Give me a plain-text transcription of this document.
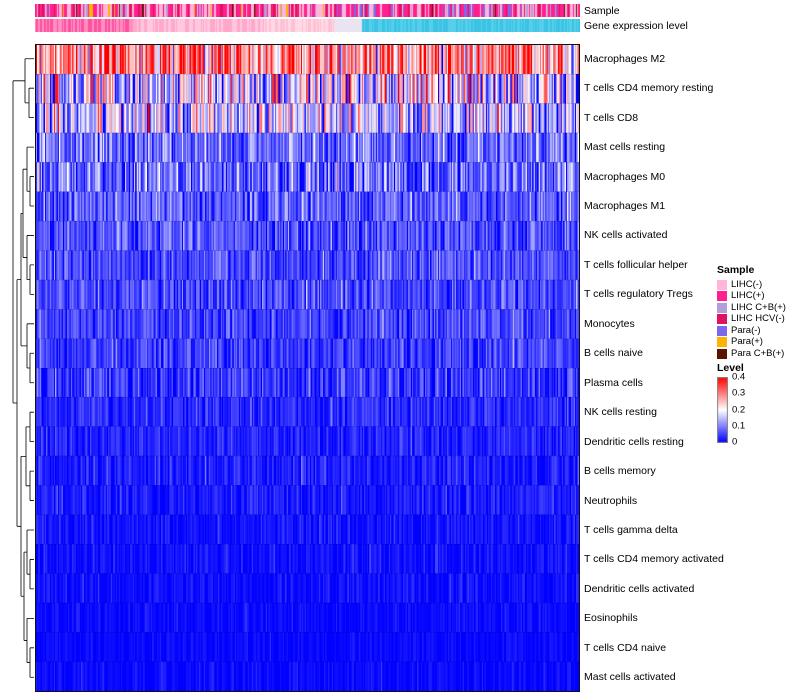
Sample
Gene expression level
Macrophages M2
T cells CD4 memory resting
T cells CD8
Mast cells resting
Macrophages M0
Macrophages M1
NK cells activated
T cells follicular helper
T cells regulatory Tregs
Monocytes
B cells naive
Plasma cells
NK cells resting
Dendritic cells resting
B cells memory
Neutrophils
T cells gamma delta
T cells CD4 memory activated
Dendritic cells activated
Eosinophils
T cells CD4 naive
Mast cells activated
Sample
LIHC(-)
LIHC(+)
LIHC C+B(+)
LIHC HCV(-)
Para(-)
Para(+)
Para C+B(+)
Level
0.4
0.3
0.2
0.1
0
